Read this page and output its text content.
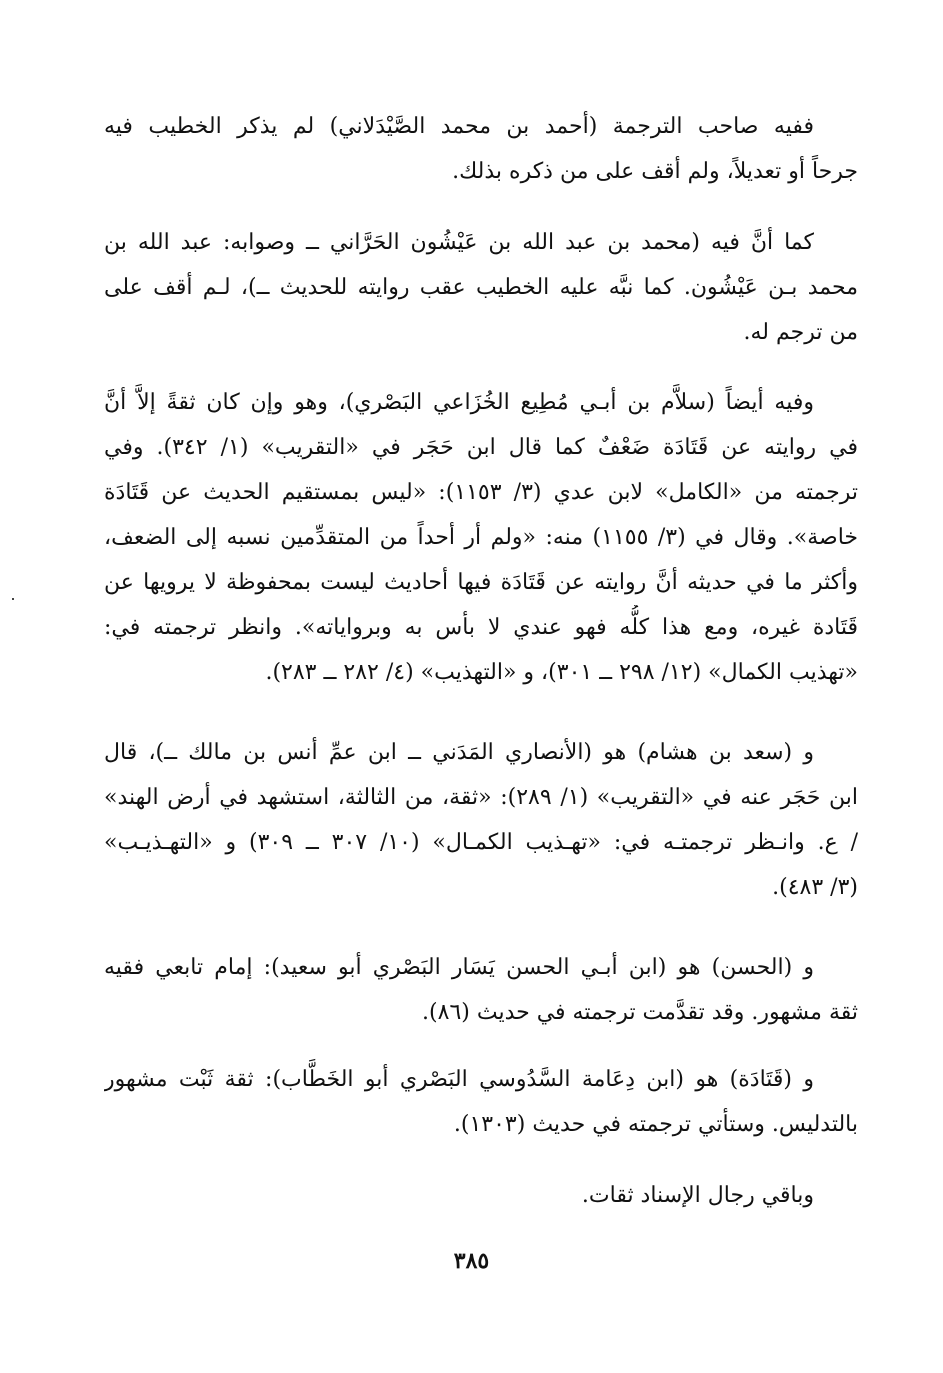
ففيه صاحب الترجمة (أحمد بن محمد الصَّيْدَلاني) لم يذكر الخطيب فيه
جرحاً أو تعديلاً، ولم أقف على من ذكره بذلك.
كما أنَّ فيه (محمد بن عبد الله بن عَيْشُون الحَرَّاني ــ وصوابه: عبد الله بن
محمد بـن عَيْشُون. كما نبَّه عليه الخطيب عقب روايته للحديث ــ)، لـم أقف على
من ترجم له.
وفيه أيضاً (سلاَّم بن أبـي مُطِيع الخُزَاعي البَصْري)، وهو وإن كان ثقةً إلاَّ أنَّ
في روايته عن قَتَادَة ضَعْفٌ كما قال ابن حَجَر في «التقريب» (١/ ٣٤٢). وفي
ترجمته من «الكامل» لابن عدي (٣/ ١١٥٣): «ليس بمستقيم الحديث عن قَتَادَة
خاصة». وقال في (٣/ ١١٥٥) منه: «ولم أر أحداً من المتقدِّمين نسبه إلى الضعف،
وأكثر ما في حديثه أنَّ روايته عن قَتَادَة فيها أحاديث ليست بمحفوظة لا يرويها عن
قَتَادة غيره، ومع هذا كلُّه فهو عندي لا بأس به وبرواياته». وانظر ترجمته في:
«تهذيب الكمال» (١٢/ ٢٩٨ ــ ٣٠١)، و «التهذيب» (٤/ ٢٨٢ ــ ٢٨٣).
و (سعد بن هشام) هو (الأنصاري المَدَني ــ ابن عمِّ أنس بن مالك ــ)، قال
ابن حَجَر عنه في «التقريب» (١/ ٢٨٩): «ثقة، من الثالثة، استشهد في أرض الهند»
/ ع. وانـظر ترجمتـه في: «تهـذيب الكمـال» (١٠/ ٣٠٧ ــ ٣٠٩) و «التهـذيـب»
(٣/ ٤٨٣).
و (الحسن) هو (ابن أبـي الحسن يَسَار البَصْري أبو سعيد): إمام تابعي فقيه
ثقة مشهور. وقد تقدَّمت ترجمته في حديث (٨٦).
و (قَتَادَة) هو (ابن دِعَامة السَّدُوسي البَصْري أبو الخَطَّاب): ثقة ثَبْت مشهور
بالتدليس. وستأتي ترجمته في حديث (١٣٠٣).
وباقي رجال الإسناد ثقات.
٣٨٥
